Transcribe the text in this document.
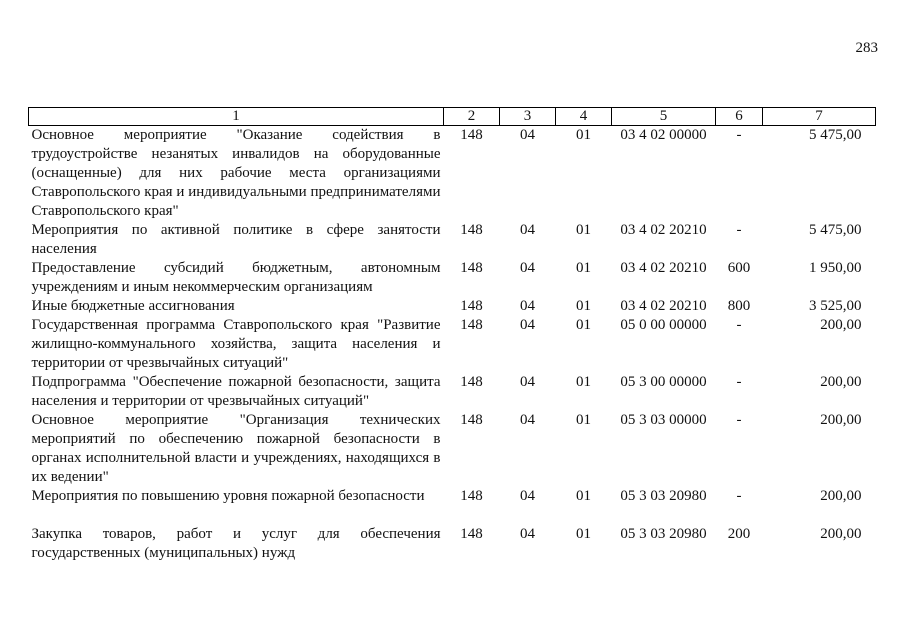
283
1	2	3	4	5	6	7
Основное мероприятие "Оказание содействия в трудоустройстве незанятых инвалидов на оборудованные (оснащенные) для них рабочие места организациями Ставропольского края и индивидуальными предпринимателями Ставропольского края"	148	04	01	03 4 02 00000	-	5 475,00
Мероприятия по активной политике в сфере занятости населения	148	04	01	03 4 02 20210	-	5 475,00
Предоставление субсидий бюджетным, автономным учреждениям и иным некоммерческим организациям	148	04	01	03 4 02 20210	600	1 950,00
Иные бюджетные ассигнования	148	04	01	03 4 02 20210	800	3 525,00
Государственная программа Ставропольского края "Развитие жилищно-коммунального хозяйства, защита населения и территории от чрезвычайных ситуаций"	148	04	01	05 0 00 00000	-	200,00
Подпрограмма "Обеспечение пожарной безопасности, защита населения и территории от чрезвычайных ситуаций"	148	04	01	05 3 00 00000	-	200,00
Основное мероприятие "Организация технических мероприятий по обеспечению пожарной безопасности в органах исполнительной власти и учреждениях, находящихся в их ведении"	148	04	01	05 3 03 00000	-	200,00
Мероприятия по повышению уровня пожарной безопасности	148	04	01	05 3 03 20980	-	200,00
Закупка товаров, работ и услуг для обеспечения государственных (муниципальных) нужд	148	04	01	05 3 03 20980	200	200,00
